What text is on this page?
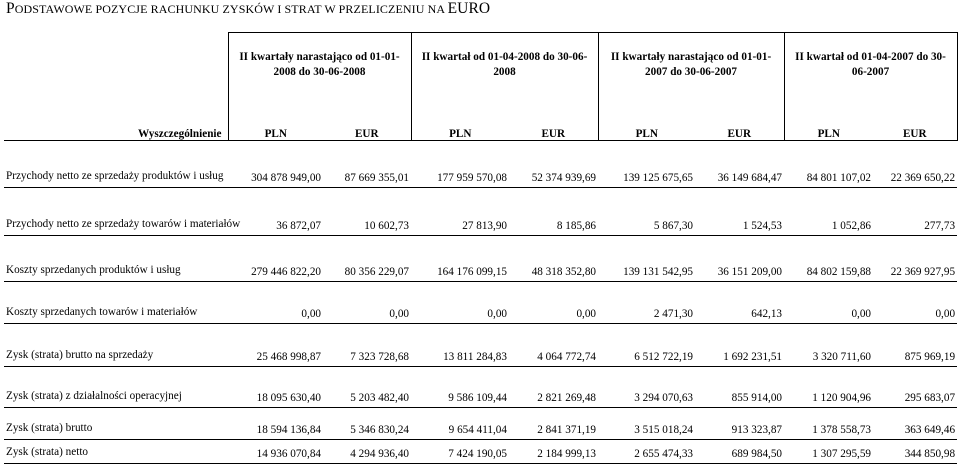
PODSTAWOWE POZYCJE RACHUNKU ZYSKÓW I STRAT W PRZELICZENIU NA EURO
	II kwartały narastająco od 01-01-2008 do 30-06-2008		II kwartał od 01-04-2008 do 30-06-2008		II kwartały narastająco od 01-01-2007 do 30-06-2007		II kwartał od 01-04-2007 do 30-06-2007	

Wyszczególnienie	PLN	EUR	PLN	EUR	PLN	EUR	PLN	EUR
Przychody netto ze sprzedaży produktów i usług	304 878 949,00	87 669 355,01	177 959 570,08	52 374 939,69	139 125 675,65	36 149 684,47	84 801 107,02	22 369 650,22
Przychody netto ze sprzedaży towarów i materiałów	36 872,07	10 602,73	27 813,90	8 185,86	5 867,30	1 524,53	1 052,86	277,73
Koszty sprzedanych produktów i usług	279 446 822,20	80 356 229,07	164 176 099,15	48 318 352,80	139 131 542,95	36 151 209,00	84 802 159,88	22 369 927,95
Koszty sprzedanych towarów i materiałów	0,00	0,00	0,00	0,00	2 471,30	642,13	0,00	0,00
Zysk (strata) brutto na sprzedaży	25 468 998,87	7 323 728,68	13 811 284,83	4 064 772,74	6 512 722,19	1 692 231,51	3 320 711,60	875 969,19
Zysk (strata) z działalności operacyjnej	18 095 630,40	5 203 482,40	9 586 109,44	2 821 269,48	3 294 070,63	855 914,00	1 120 904,96	295 683,07
Zysk (strata) brutto	18 594 136,84	5 346 830,24	9 654 411,04	2 841 371,19	3 515 018,24	913 323,87	1 378 558,73	363 649,46
Zysk (strata) netto	14 936 070,84	4 294 936,40	7 424 190,05	2 184 999,13	2 655 474,33	689 984,50	1 307 295,59	344 850,98
